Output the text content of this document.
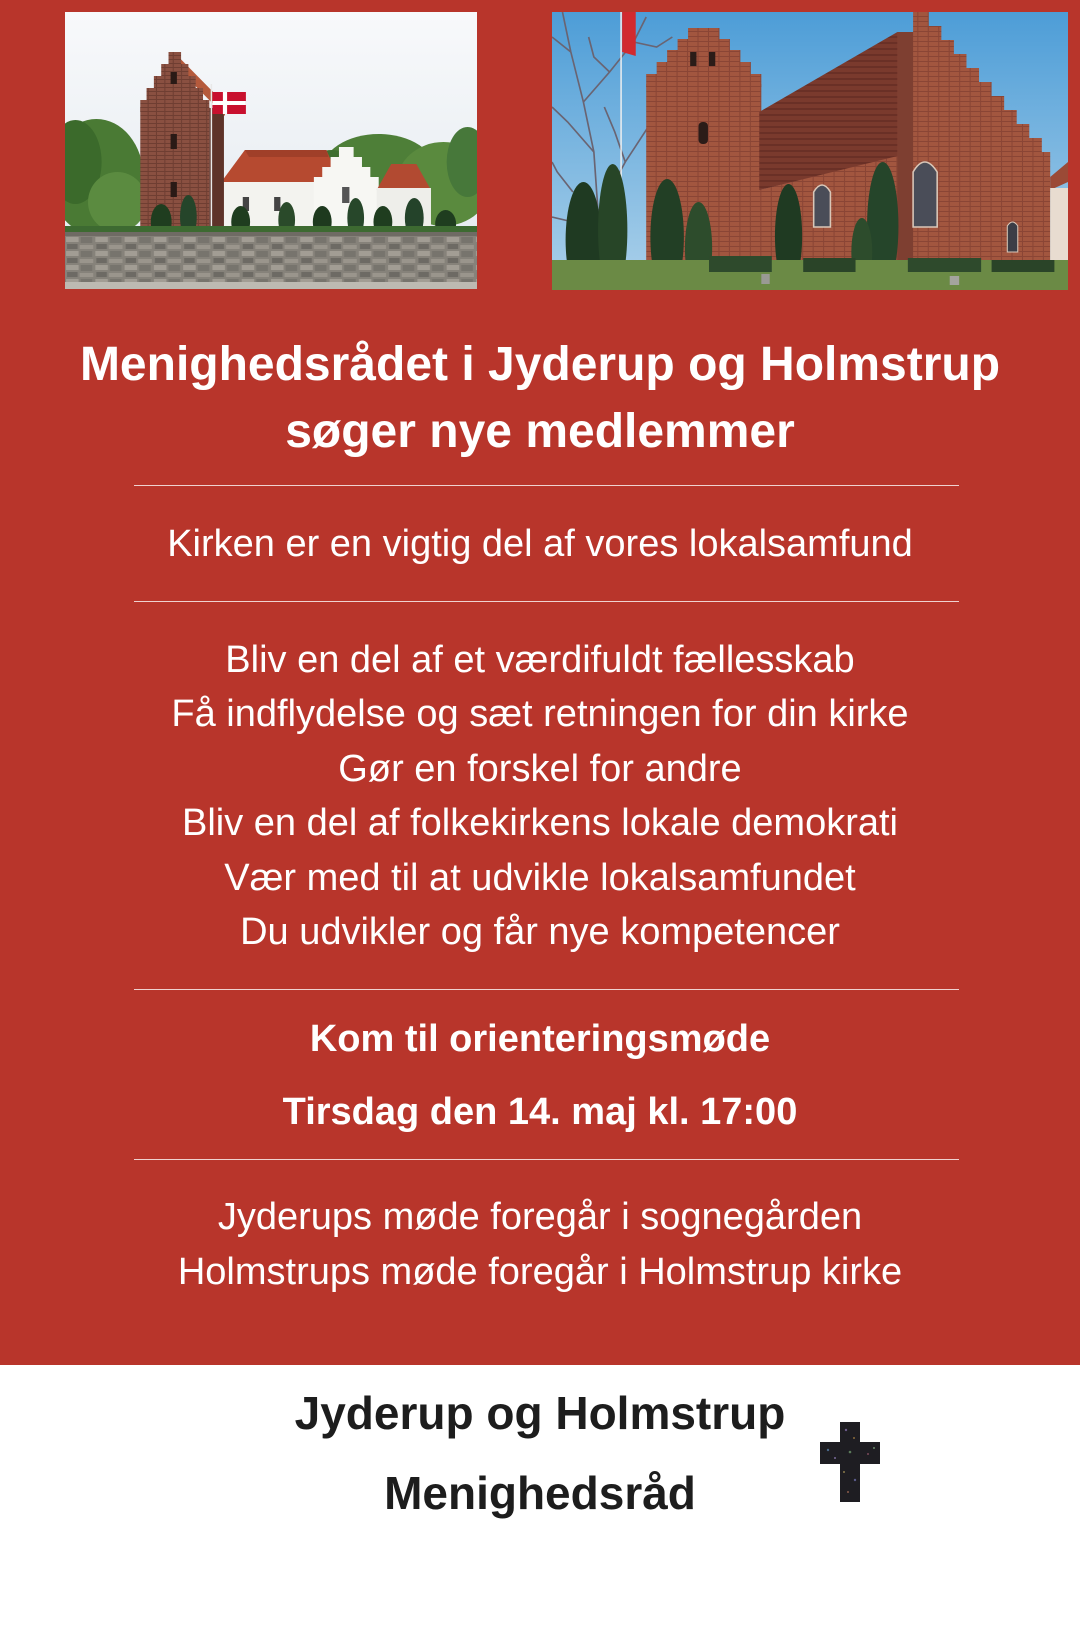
Menighedsrådet i Jyderup og Holmstrup
søger nye medlemmer
Kirken er en vigtig del af vores lokalsamfund
Bliv en del af et værdifuldt fællesskab
Få indflydelse og sæt retningen for din kirke
Gør en forskel for andre
Bliv en del af folkekirkens lokale demokrati
Vær med til at udvikle lokalsamfundet
Du udvikler og får nye kompetencer
Kom til orienteringsmøde
Tirsdag den 14. maj kl. 17:00
Jyderups møde foregår i sognegården
Holmstrups møde foregår i Holmstrup kirke
Jyderup og Holmstrup
Menighedsråd
